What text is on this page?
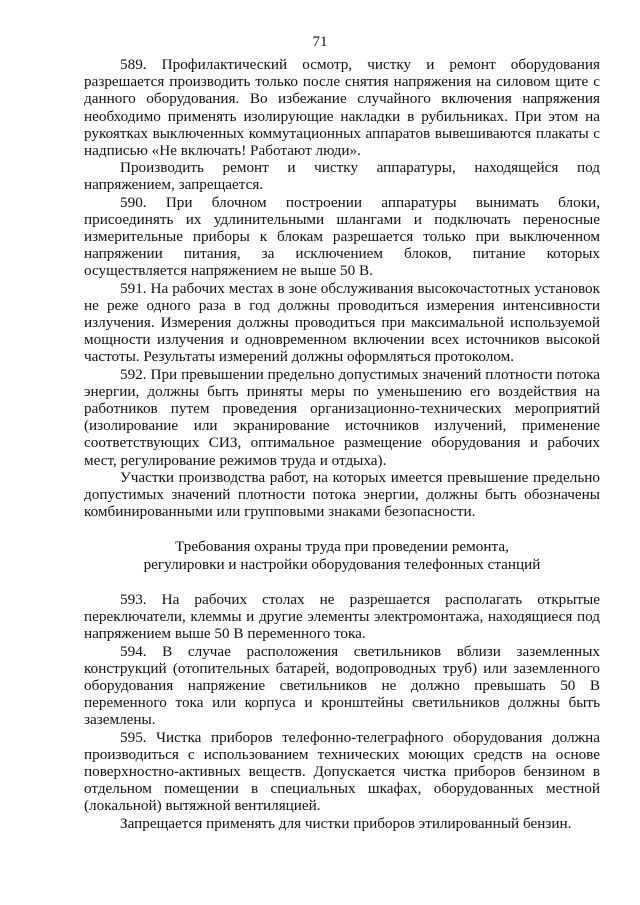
71

589. Профилактический осмотр, чистку и ремонт оборудования разрешается производить только после снятия напряжения на силовом щите с данного оборудования. Во избежание случайного включения напряжения необходимо применять изолирующие накладки в рубильниках. При этом на рукоятках выключенных коммутационных аппаратов вывешиваются плакаты с надписью «Не включать! Работают люди».

Производить ремонт и чистку аппаратуры, находящейся под напряжением, запрещается.

590. При блочном построении аппаратуры вынимать блоки, присоединять их удлинительными шлангами и подключать переносные измерительные приборы к блокам разрешается только при выключенном напряжении питания, за исключением блоков, питание которых осуществляется напряжением не выше 50 В.

591. На рабочих местах в зоне обслуживания высокочастотных установок не реже одного раза в год должны проводиться измерения интенсивности излучения. Измерения должны проводиться при максимальной используемой мощности излучения и одновременном включении всех источников высокой частоты. Результаты измерений должны оформляться протоколом.

592. При превышении предельно допустимых значений плотности потока энергии, должны быть приняты меры по уменьшению его воздействия на работников путем проведения организационно-технических мероприятий (изолирование или экранирование источников излучений, применение соответствующих СИЗ, оптимальное размещение оборудования и рабочих мест, регулирование режимов труда и отдыха).

Участки производства работ, на которых имеется превышение предельно допустимых значений плотности потока энергии, должны быть обозначены комбинированными или групповыми знаками безопасности.

Требования охраны труда при проведении ремонта,
регулировки и настройки оборудования телефонных станций

593. На рабочих столах не разрешается располагать открытые переключатели, клеммы и другие элементы электромонтажа, находящиеся под напряжением выше 50 В переменного тока.

594. В случае расположения светильников вблизи заземленных конструкций (отопительных батарей, водопроводных труб) или заземленного оборудования напряжение светильников не должно превышать 50 В переменного тока или корпуса и кронштейны светильников должны быть заземлены.

595. Чистка приборов телефонно-телеграфного оборудования должна производиться с использованием технических моющих средств на основе поверхностно-активных веществ. Допускается чистка приборов бензином в отдельном помещении в специальных шкафах, оборудованных местной (локальной) вытяжной вентиляцией.

Запрещается применять для чистки приборов этилированный бензин.
